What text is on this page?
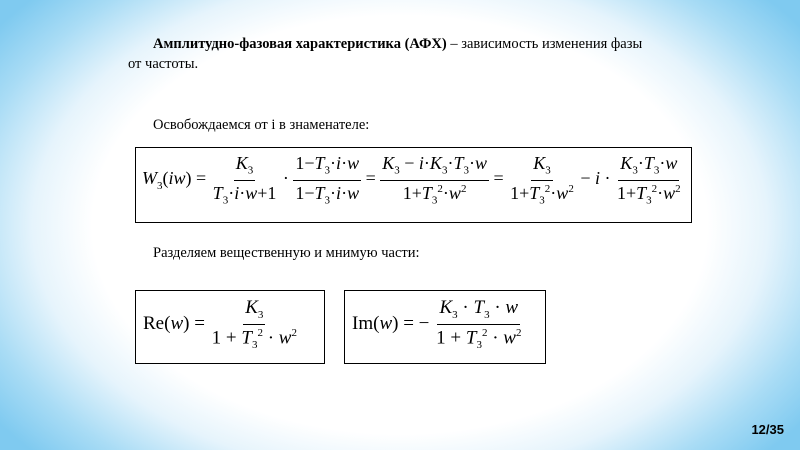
Амплитудно-фазовая характеристика (АФХ) – зависимость изменения фазы от частоты.
Освобождаемся от i в знаменателе:
$W_3(iw) = \frac{K_3}{T_3\cdot i\cdot w+1} \cdot \frac{1-T_3\cdot i\cdot w}{1-T_3\cdot i\cdot w} = \frac{K_3 - i\cdot K_3\cdot T_3\cdot w}{1+T_3^2\cdot w^2} = \frac{K_3}{1+T_3^2\cdot w^2} - i \cdot \frac{K_3\cdot T_3\cdot w}{1+T_3^2\cdot w^2}$
Разделяем вещественную и мнимую части:
$Re(w) = \frac{K_3}{1 + T_3^2 \cdot w^2}$	Im(w) = − $\frac{K_3 \cdot T_3 \cdot w}{1 + T_3^2 \cdot w^2}$
12/35
